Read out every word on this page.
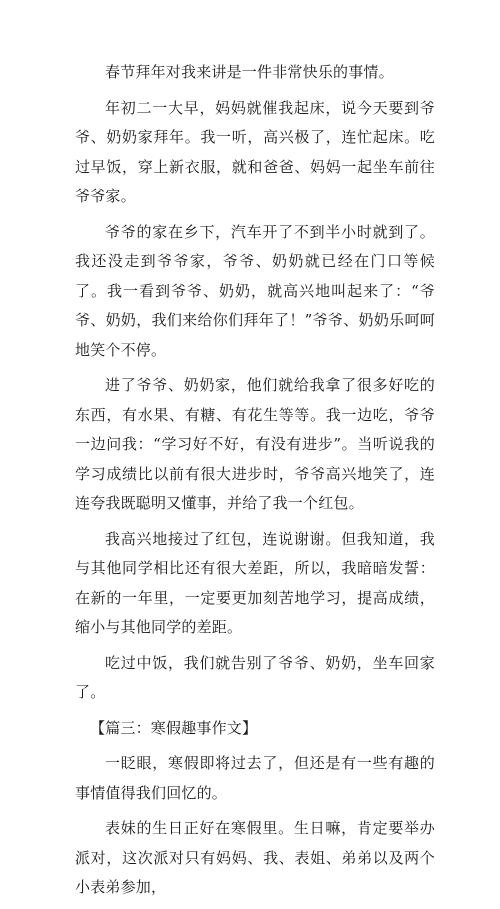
春节拜年对我来讲是一件非常快乐的事情。

年初二一大早，妈妈就催我起床，说今天要到爷爷、奶奶家拜年。我一听，高兴极了，连忙起床。吃过早饭，穿上新衣服，就和爸爸、妈妈一起坐车前往爷爷家。

爷爷的家在乡下，汽车开了不到半小时就到了。我还没走到爷爷家，爷爷、奶奶就已经在门口等候了。我一看到爷爷、奶奶，就高兴地叫起来了：“爷爷、奶奶，我们来给你们拜年了！”爷爷、奶奶乐呵呵地笑个不停。

进了爷爷、奶奶家，他们就给我拿了很多好吃的东西，有水果、有糖、有花生等等。我一边吃，爷爷一边问我：“学习好不好，有没有进步”。当听说我的学习成绩比以前有很大进步时，爷爷高兴地笑了，连连夸我既聪明又懂事，并给了我一个红包。

我高兴地接过了红包，连说谢谢。但我知道，我与其他同学相比还有很大差距，所以，我暗暗发誓：在新的一年里，一定要更加刻苦地学习，提高成绩，缩小与其他同学的差距。

吃过中饭，我们就告别了爷爷、奶奶，坐车回家了。

【篇三：寒假趣事作文】

一眨眼，寒假即将过去了，但还是有一些有趣的事情值得我们回忆的。

表妹的生日正好在寒假里。生日嘛，肯定要举办派对，这次派对只有妈妈、我、表姐、弟弟以及两个小表弟参加，
